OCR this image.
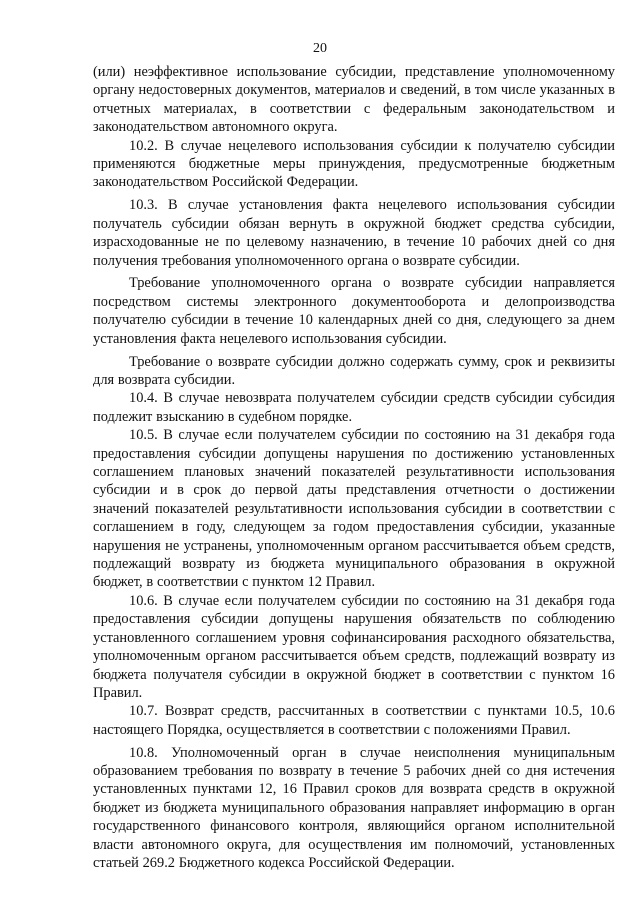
20

(или) неэффективное использование субсидии, представление уполномоченному органу недостоверных документов, материалов и сведений, в том числе указанных в отчетных материалах, в соответствии с федеральным законодательством и законодательством автономного округа.

10.2. В случае нецелевого использования субсидии к получателю субсидии применяются бюджетные меры принуждения, предусмотренные бюджетным законодательством Российской Федерации.

10.3. В случае установления факта нецелевого использования субсидии получатель субсидии обязан вернуть в окружной бюджет средства субсидии, израсходованные не по целевому назначению, в течение 10 рабочих дней со дня получения требования уполномоченного органа о возврате субсидии.

Требование уполномоченного органа о возврате субсидии направляется посредством системы электронного документооборота и делопроизводства получателю субсидии в течение 10 календарных дней со дня, следующего за днем установления факта нецелевого использования субсидии.

Требование о возврате субсидии должно содержать сумму, срок и реквизиты для возврата субсидии.

10.4. В случае невозврата получателем субсидии средств субсидии субсидия подлежит взысканию в судебном порядке.

10.5. В случае если получателем субсидии по состоянию на 31 декабря года предоставления субсидии допущены нарушения по достижению установленных соглашением плановых значений показателей результативности использования субсидии и в срок до первой даты представления отчетности о достижении значений показателей результативности использования субсидии в соответствии с соглашением в году, следующем за годом предоставления субсидии, указанные нарушения не устранены, уполномоченным органом рассчитывается объем средств, подлежащий возврату из бюджета муниципального образования в окружной бюджет, в соответствии с пунктом 12 Правил.

10.6. В случае если получателем субсидии по состоянию на 31 декабря года предоставления субсидии допущены нарушения обязательств по соблюдению установленного соглашением уровня софинансирования расходного обязательства, уполномоченным органом рассчитывается объем средств, подлежащий возврату из бюджета получателя субсидии в окружной бюджет в соответствии с пунктом 16 Правил.

10.7. Возврат средств, рассчитанных в соответствии с пунктами 10.5, 10.6 настоящего Порядка, осуществляется в соответствии с положениями Правил.

10.8. Уполномоченный орган в случае неисполнения муниципальным образованием требования по возврату в течение 5 рабочих дней со дня истечения установленных пунктами 12, 16 Правил сроков для возврата средств в окружной бюджет из бюджета муниципального образования направляет информацию в орган государственного финансового контроля, являющийся органом исполнительной власти автономного округа, для осуществления им полномочий, установленных статьей 269.2 Бюджетного кодекса Российской Федерации.
